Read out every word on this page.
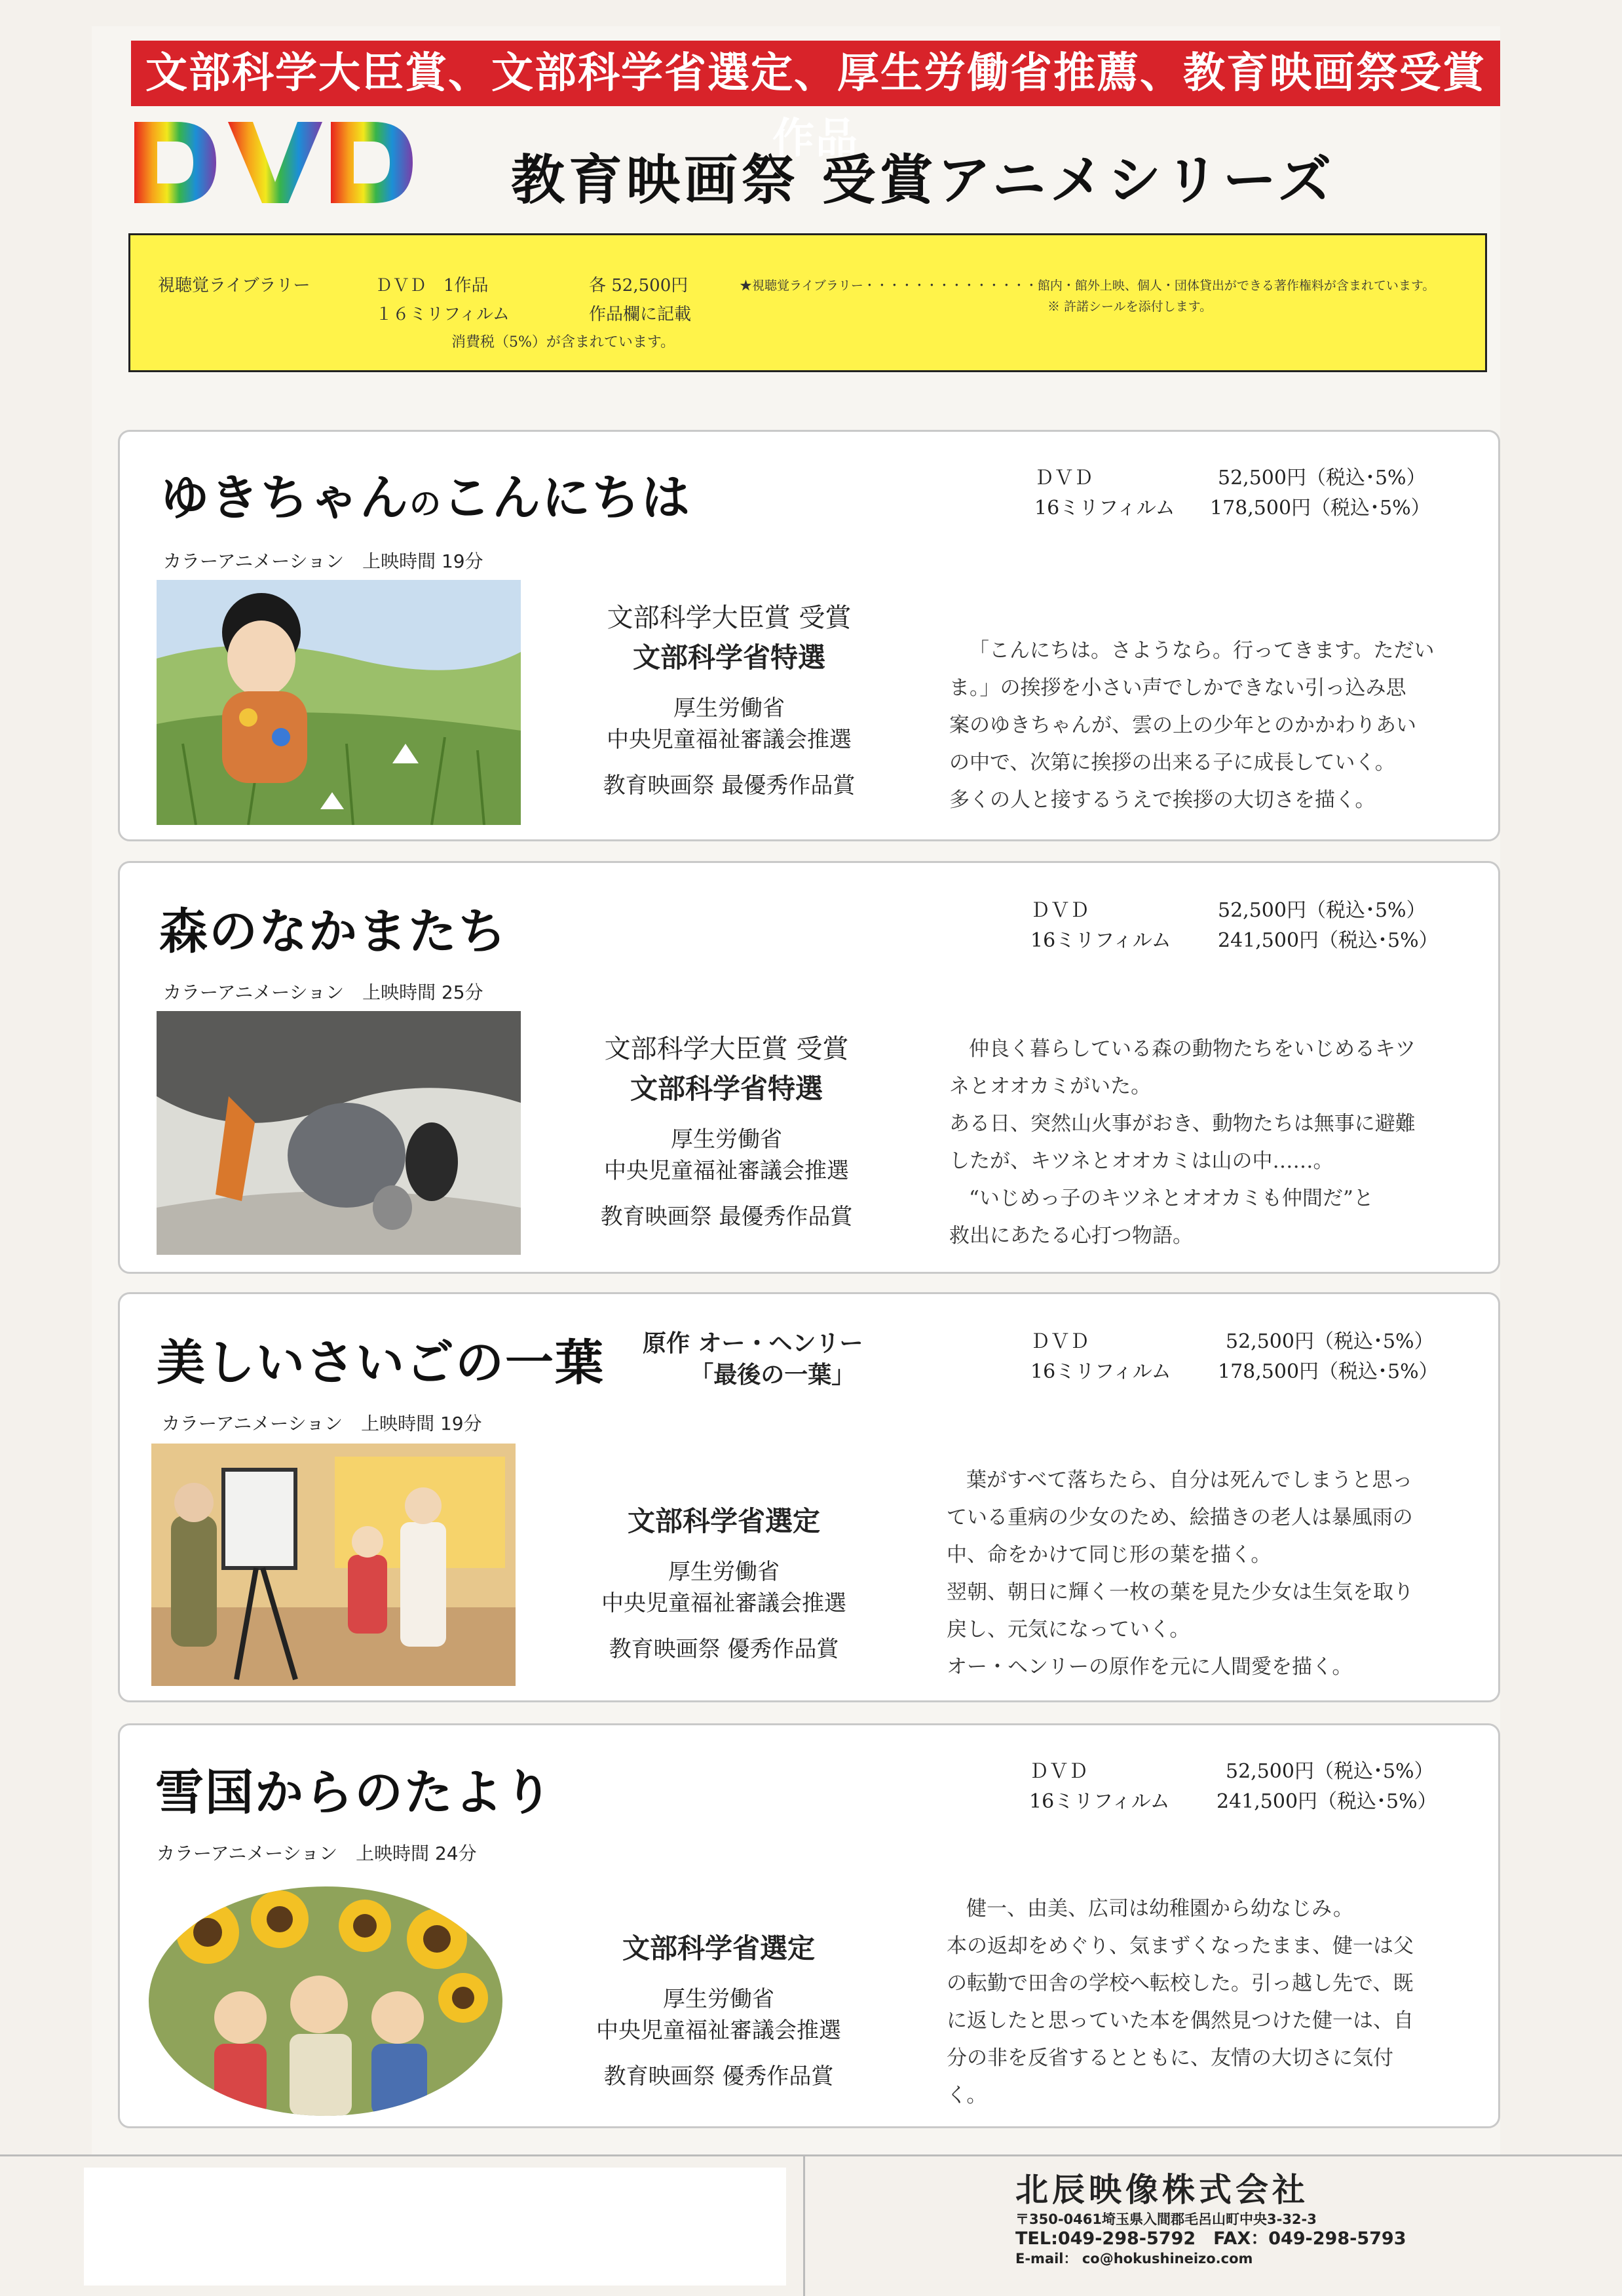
文部科学大臣賞、文部科学省選定、厚生労働省推薦、教育映画祭受賞作品
教育映画祭 受賞アニメシリーズ
視聴覚ライブラリー	ＤＶＤ　1作品	各 52,500円
１６ミリフィルム	作品欄に記載
消費税（5%）が含まれています。
★視聴覚ライブラリー・・・・・・・・・・・・・・館内・館外上映、個人・団体貸出ができる著作権料が含まれています。
※ 許諾シールを添付します。
ゆきちゃんのこんにちは	ＤＶＤ	52,500円（税込･5%）
16ミリフィルム 178,500円（税込･5%）
カラーアニメーション　上映時間 19分
文部科学大臣賞 受賞
文部科学省特選
厚生労働省
中央児童福祉審議会推選
教育映画祭 最優秀作品賞
「こんにちは。さようなら。行ってきます。ただい
ま。」の挨拶を小さい声でしかできない引っ込み思
案のゆきちゃんが、雲の上の少年とのかかわりあい
の中で、次第に挨拶の出来る子に成長していく。
多くの人と接するうえで挨拶の大切さを描く。
森のなかまたち	ＤＶＤ	52,500円（税込･5%）
16ミリフィルム 241,500円（税込･5%）
カラーアニメーション　上映時間 25分
文部科学大臣賞 受賞
文部科学省特選
厚生労働省
中央児童福祉審議会推選
教育映画祭 最優秀作品賞
仲良く暮らしている森の動物たちをいじめるキツ
ネとオオカミがいた。
ある日、突然山火事がおき、動物たちは無事に避難
したが、キツネとオオカミは山の中……。
“いじめっ子のキツネとオオカミも仲間だ”と
救出にあたる心打つ物語。
美しいさいごの一葉 原作 オー・ヘンリー
「最後の一葉」
ＤＶＤ	52,500円（税込･5%）
16ミリフィルム 178,500円（税込･5%）
カラーアニメーション　上映時間 19分
文部科学省選定
厚生労働省
中央児童福祉審議会推選
教育映画祭 優秀作品賞
葉がすべて落ちたら、自分は死んでしまうと思っ
ている重病の少女のため、絵描きの老人は暴風雨の
中、命をかけて同じ形の葉を描く。
翌朝、朝日に輝く一枚の葉を見た少女は生気を取り
戻し、元気になっていく。
オー・ヘンリーの原作を元に人間愛を描く。
雪国からのたより	ＤＶＤ	52,500円（税込･5%）
16ミリフィルム 241,500円（税込･5%）
カラーアニメーション　上映時間 24分
文部科学省選定
厚生労働省
中央児童福祉審議会推選
教育映画祭 優秀作品賞
健一、由美、広司は幼稚園から幼なじみ。
本の返却をめぐり、気まずくなったまま、健一は父
の転勤で田舎の学校へ転校した。引っ越し先で、既
に返したと思っていた本を偶然見つけた健一は、自
分の非を反省するとともに、友情の大切さに気付
く。
北辰映像株式会社
〒350-0461埼玉県入間郡毛呂山町中央3-32-3
TEL:049-298-5792　FAX：049-298-5793
E-mail： co@hokushineizo.com
